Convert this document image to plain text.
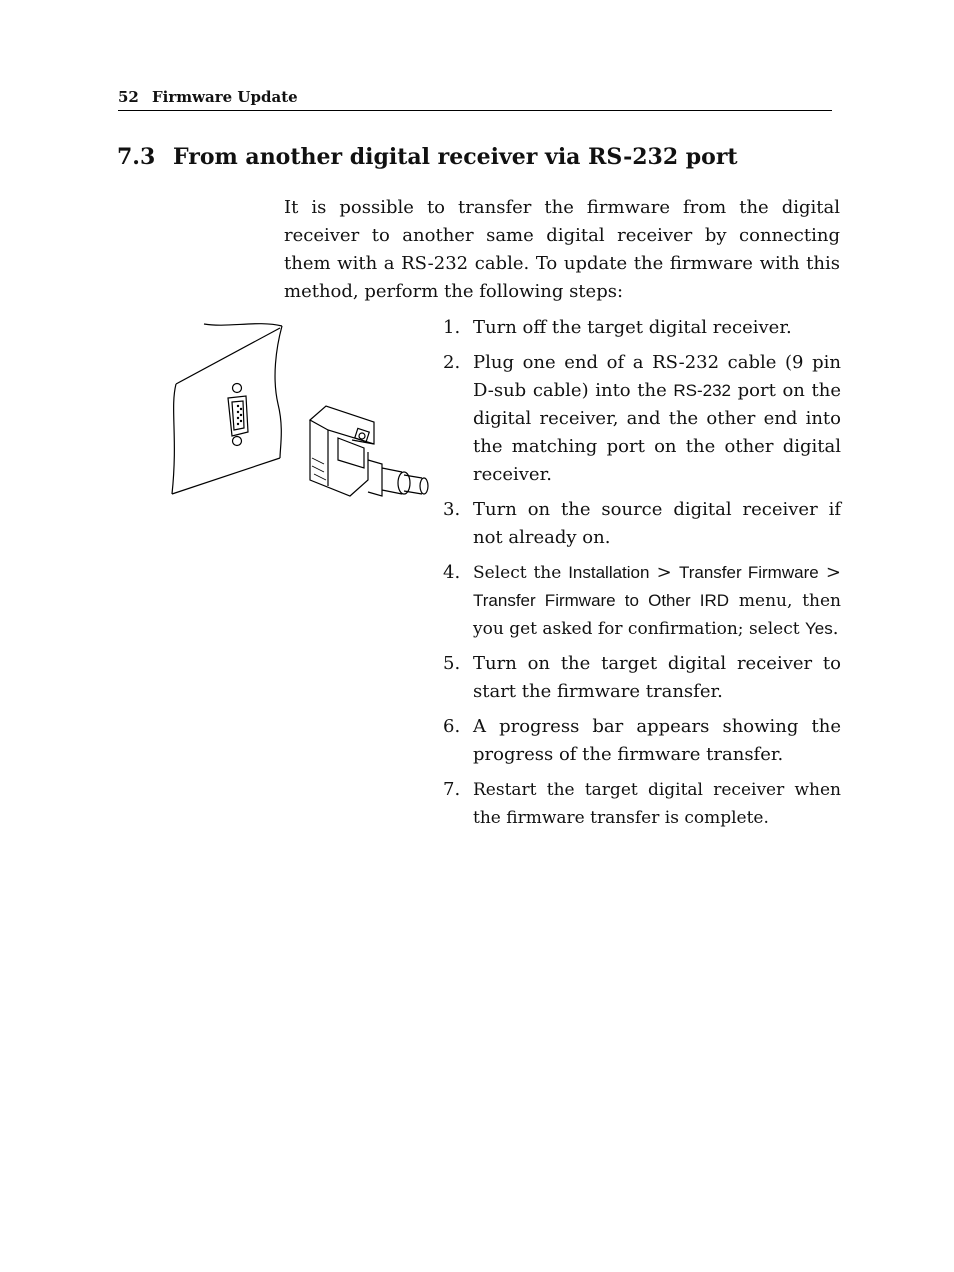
52 Firmware Update
7.3 From another digital receiver via RS-232 port

It is possible to transfer the firmware from the digital receiver to another same digital receiver by connecting them with a RS-232 cable. To update the firmware with this method, perform the following steps:

1. Turn off the target digital receiver.
2. Plug one end of a RS-232 cable (9 pin D-sub cable) into the RS-232 port on the digital receiver, and the other end into the matching port on the other digital receiver.
3. Turn on the source digital receiver if not already on.
4. Select the Installation > Transfer Firmware > Transfer Firmware to Other IRD menu, then you get asked for confirmation; select Yes.
5. Turn on the target digital receiver to start the firmware transfer.
6. A progress bar appears showing the progress of the firmware transfer.
7. Restart the target digital receiver when the firmware transfer is complete.
